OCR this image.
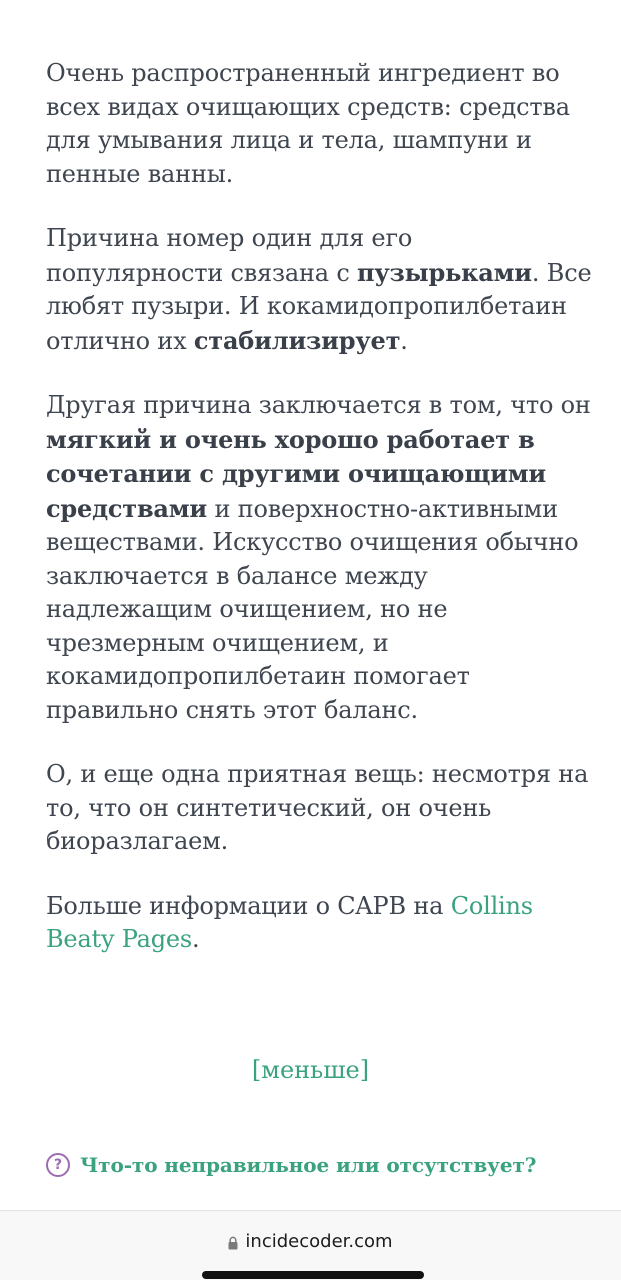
Очень распространенный ингредиент во всех видах очищающих средств: средства для умывания лица и тела, шампуни и пенные ванны.

Причина номер один для его популярности связана с пузырьками. Все любят пузыри. И кокамидопропилбетаин отлично их стабилизирует.

Другая причина заключается в том, что он мягкий и очень хорошо работает в сочетании с другими очищающими средствами и поверхностно-активными веществами. Искусство очищения обычно заключается в балансе между надлежащим очищением, но не чрезмерным очищением, и кокамидопропилбетаин помогает правильно снять этот баланс.

О, и еще одна приятная вещь: несмотря на то, что он синтетический, он очень биоразлагаем.

Больше информации о CAPB на Collins Beaty Pages.

[меньше]
? Что-то неправильное или отсутствует?
incidecoder.com
